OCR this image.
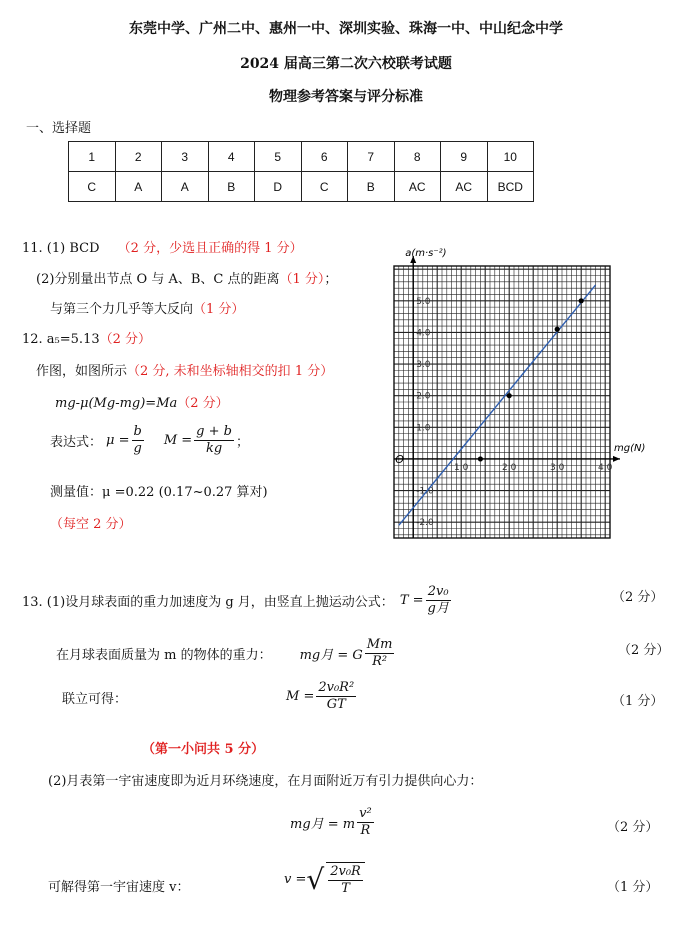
东莞中学、广州二中、惠州一中、深圳实验、珠海一中、中山纪念中学
2024 届高三第二次六校联考试题
物理参考答案与评分标准
一、选择题
1	2	3	4	5	6	7	8	9	10
C	A	A	B	D	C	B	AC	AC	BCD
11. (1) BCD （2 分，少选且正确的得 1 分）
(2)分别量出节点 O 与 A、B、C 点的距离（1 分）；
与第三个力几乎等大反向（1 分）
12. a₅=5.13（2 分）
作图，如图所示（2 分, 未和坐标轴相交的扣 1 分）
mg-μ(Mg-mg)=Ma（2 分）
表达式： $\mu = \frac{b}{g}$ $M = \frac{g + b}{kg}$ ；
测量值：μ =0.22 (0.17~0.27 算对)
（每空 2 分）	-2.0
-1.0
1.0
2.0
3.0
4.0
5.0
1.0	2.0	3.0	4.0
a(m·s⁻²)
mg(N)
O
13. (1)设月球表面的重力加速度为 g 月，由竖直上抛运动公式： $T = \frac{\text{2v₀}}{\text{g月}}$	（2 分）
在月球表面质量为 m 的物体的重力： mg月 = G $\frac{Mm}{\text{R²}}$	（2 分）
联立可得：	$M = \frac{\text{2v₀R²}}{GT}$	（1 分）
（第一小问共 5 分）
(2)月表第一宇宙速度即为近月环绕速度，在月面附近万有引力提供向心力：
mg月 = m $\frac{\text{v²}}{R}$	（2 分）
可解得第一宇宙速度 v：
v = √ $\frac{\text{2v₀R}}{T}$	（1 分）
